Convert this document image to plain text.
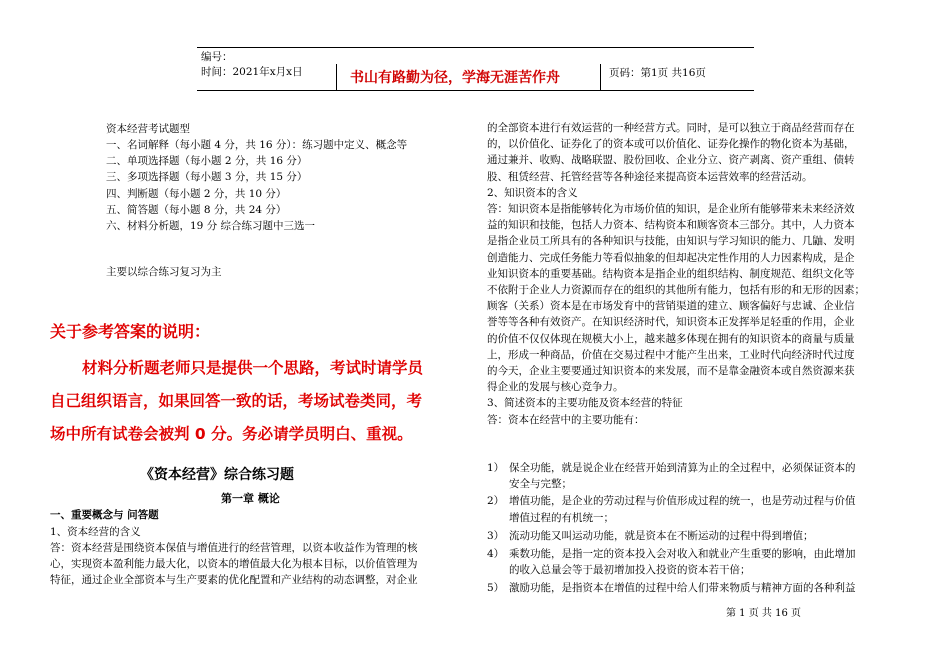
编号：
时间：2021年x月x日	书山有路勤为径，学海无涯苦作舟	页码：第1页 共16页
资本经营考试题型

一、名词解释（每小题 4 分，共 16 分）：练习题中定义、概念等

二、单项选择题（每小题 2 分，共 16 分）

三、多项选择题（每小题 3 分，共 15 分）

四、判断题（每小题 2 分，共 10 分）

五、简答题（每小题 8 分，共 24 分）

六、材料分析题，19 分 综合练习题中三选一

主要以综合练习复习为主
关于参考答案的说明：

材料分析题老师只是提供一个思路，考试时请学员

自己组织语言，如果回答一致的话，考场试卷类同，考

场中所有试卷会被判 0 分。务必请学员明白、重视。

《资本经营》综合练习题
第一章 概论
一、重要概念与 问答题
1、资本经营的含义

答：资本经营是围绕资本保值与增值进行的经营管理，以资本收益作为管理的核

心，实现资本盈利能力最大化，以资本的增值最大化为根本目标，以价值管理为

特征，通过企业全部资本与生产要素的优化配置和产业结构的动态调整，对企业

的全部资本进行有效运营的一种经营方式。同时，是可以独立于商品经营而存在

的，以价值化、证券化了的资本或可以价值化、证券化操作的物化资本为基础，

通过兼并、收购、战略联盟、股份回收、企业分立、资产剥离、资产重组、债转

股、租赁经营、托管经营等各种途径来提高资本运营效率的经营活动。

2、知识资本的含义

答：知识资本是指能够转化为市场价值的知识，是企业所有能够带来未来经济效

益的知识和技能，包括人力资本、结构资本和顾客资本三部分。其中，人力资本

是指企业员工所具有的各种知识与技能，由知识与学习知识的能力、几鼬、发明

创造能力、完成任务能力等看似抽象的但却起决定性作用的人力因素构成，是企

业知识资本的重要基础。结构资本是指企业的组织结构、制度规范、组织文化等

不依附于企业人力资源而存在的组织的其他所有能力，包括有形的和无形的因素；

顾客（关系）资本是在市场发育中的营销渠道的建立、顾客偏好与忠诚、企业信

誉等等各种有效资产。在知识经济时代，知识资本正发挥举足轻重的作用，企业

的价值不仅仅体现在规模大小上，越来越多体现在拥有的知识资本的商量与质量

上，形成一种商品，价值在交易过程中才能产生出来，工业时代向经济时代过度

的今天，企业主要要通过知识资本的来发展，而不是靠金融资本或自然资源来获

得企业的发展与核心竞争力。

3、简述资本的主要功能及资本经营的特征

答：资本在经营中的主要功能有：

1） 保全功能，就是说企业在经营开始到清算为止的全过程中，必须保证资本的

安全与完整；

2） 增值功能，是企业的劳动过程与价值形成过程的统一，也是劳动过程与价值

增值过程的有机统一；

3） 流动功能又叫运动功能，就是资本在不断运动的过程中得到增值；

4） 乘数功能，是指一定的资本投入会对收入和就业产生重要的影响，由此增加

的收入总量会等于最初增加投入投资的资本若干倍；

5） 激励功能，是指资本在增值的过程中给人们带来物质与精神方面的各种利益

第 1 页 共 16 页
